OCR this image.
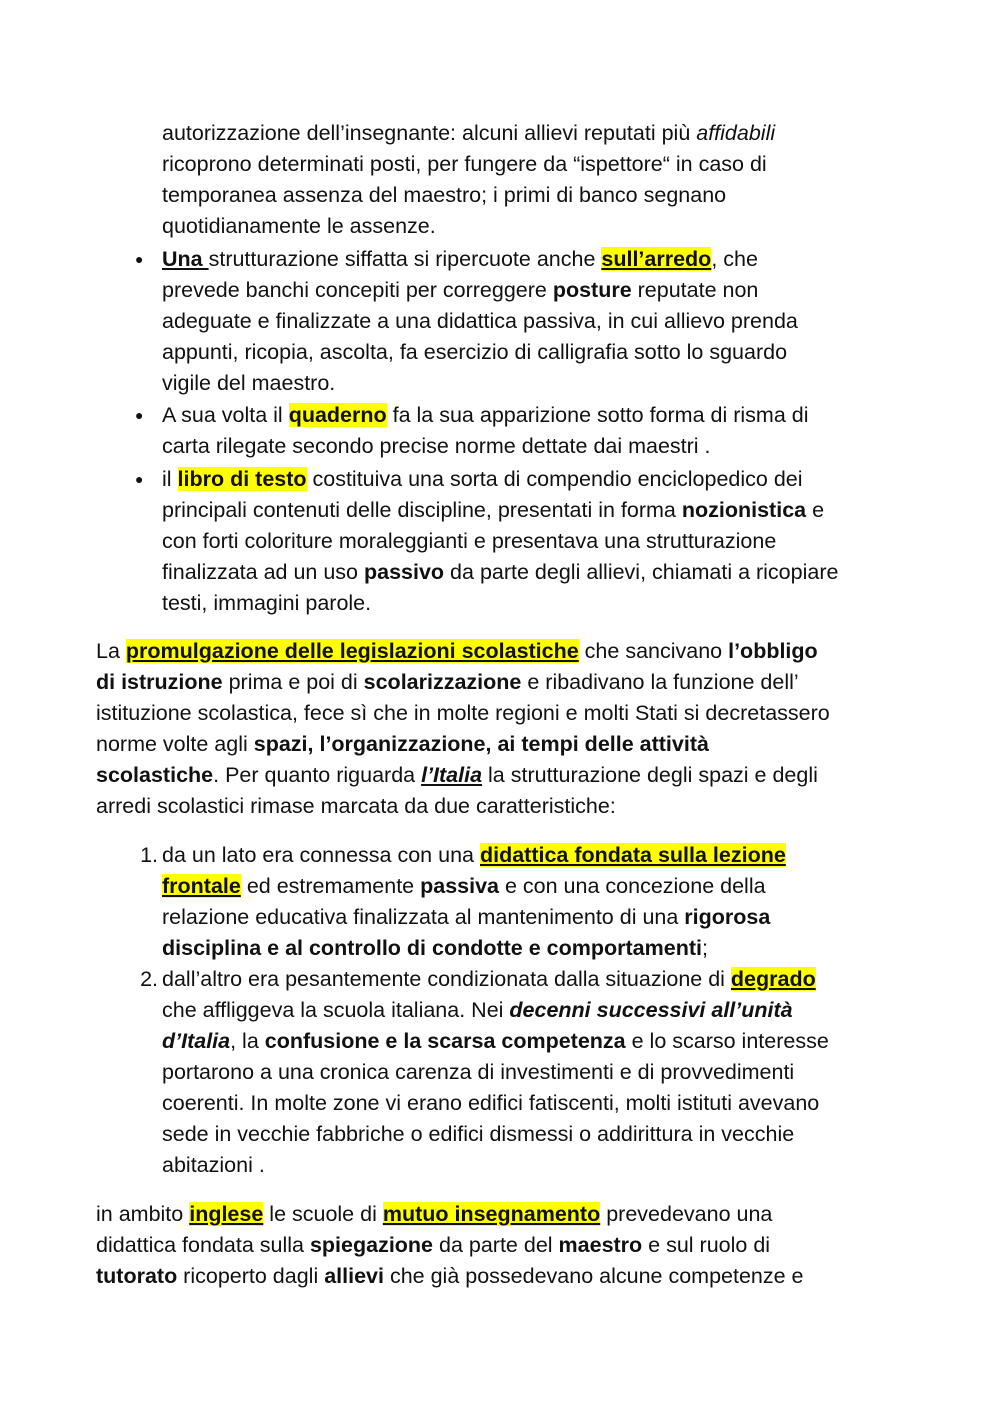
autorizzazione dell’insegnante: alcuni allievi reputati più affidabili
ricoprono determinati posti, per fungere da “ispettore“ in caso di
temporanea assenza del maestro; i primi di banco segnano
quotidianamente le assenze.
● Una strutturazione siffatta si ripercuote anche sull’arredo, che
prevede banchi concepiti per correggere posture reputate non
adeguate e finalizzate a una didattica passiva, in cui allievo prenda
appunti, ricopia, ascolta, fa esercizio di calligrafia sotto lo sguardo
vigile del maestro.
● A sua volta il quaderno fa la sua apparizione sotto forma di risma di
carta rilegate secondo precise norme dettate dai maestri .
● il libro di testo costituiva una sorta di compendio enciclopedico dei
principali contenuti delle discipline, presentati in forma nozionistica e
con forti coloriture moraleggianti e presentava una strutturazione
finalizzata ad un uso passivo da parte degli allievi, chiamati a ricopiare
testi, immagini parole.
La promulgazione delle legislazioni scolastiche che sancivano l’obbligo
di istruzione prima e poi di scolarizzazione e ribadivano la funzione dell’
istituzione scolastica, fece sì che in molte regioni e molti Stati si decretassero
norme volte agli spazi, l’organizzazione, ai tempi delle attività
scolastiche. Per quanto riguarda l’Italia la strutturazione degli spazi e degli
arredi scolastici rimase marcata da due caratteristiche:
1. da un lato era connessa con una didattica fondata sulla lezione
frontale ed estremamente passiva e con una concezione della
relazione educativa finalizzata al mantenimento di una rigorosa
disciplina e al controllo di condotte e comportamenti;
2. dall’altro era pesantemente condizionata dalla situazione di degrado
che affliggeva la scuola italiana. Nei decenni successivi all’unità
d’Italia, la confusione e la scarsa competenza e lo scarso interesse
portarono a una cronica carenza di investimenti e di provvedimenti
coerenti. In molte zone vi erano edifici fatiscenti, molti istituti avevano
sede in vecchie fabbriche o edifici dismessi o addirittura in vecchie
abitazioni .
in ambito inglese le scuole di mutuo insegnamento prevedevano una
didattica fondata sulla spiegazione da parte del maestro e sul ruolo di
tutorato ricoperto dagli allievi che già possedevano alcune competenze e
